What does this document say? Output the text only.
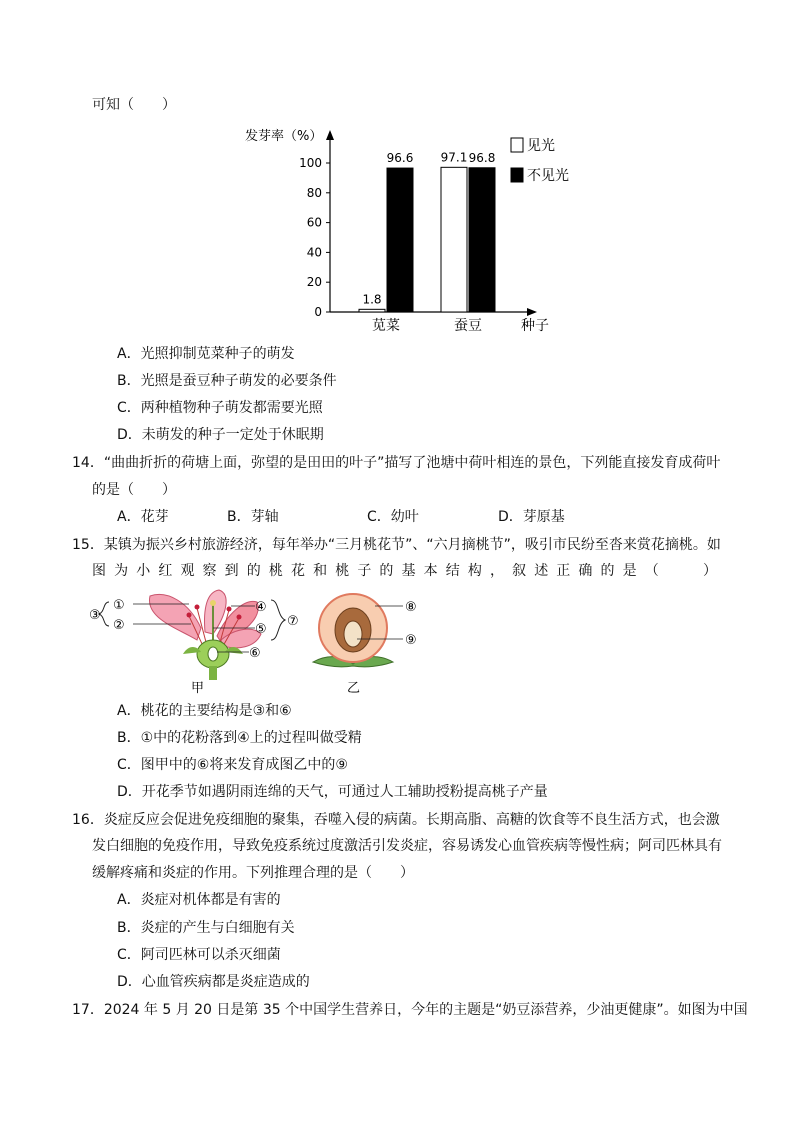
可知（　　）
发芽率（%）
0
20
40
60
80
100
1.8
96.6 97.1 96.8
苋菜	蚕豆	种子
见光
不见光
A．光照抑制苋菜种子的萌发
B．光照是蚕豆种子萌发的必要条件
C．两种植物种子萌发都需要光照
D．未萌发的种子一定处于休眠期
14．“曲曲折折的荷塘上面，弥望的是田田的叶子”描写了池塘中荷叶相连的景色，下列能直接发育成荷叶
的是（　　）
A．花芽	B．芽轴	C．幼叶	D．芽原基
15．某镇为振兴乡村旅游经济，每年举办“三月桃花节”、“六月摘桃节”，吸引市民纷至沓来赏花摘桃。如
图 为 小 红 观 察 到 的 桃 花 和 桃 子 的 基 本 结 构 ， 叙 述 正 确 的 是 （
　　	）
③
①
②
④
⑤
⑥
⑦
⑧
⑨
甲	乙
A．桃花的主要结构是③和⑥
B．①中的花粉落到④上的过程叫做受精
C．图甲中的⑥将来发育成图乙中的⑨
D．开花季节如遇阴雨连绵的天气，可通过人工辅助授粉提高桃子产量
16．炎症反应会促进免疫细胞的聚集，吞噬入侵的病菌。长期高脂、高糖的饮食等不良生活方式，也会激
发白细胞的免疫作用，导致免疫系统过度激活引发炎症，容易诱发心血管疾病等慢性病；阿司匹林具有
缓解疼痛和炎症的作用。下列推理合理的是（　　）
A．炎症对机体都是有害的
B．炎症的产生与白细胞有关
C．阿司匹林可以杀灭细菌
D．心血管疾病都是炎症造成的
17．2024 年 5 月 20 日是第 35 个中国学生营养日，今年的主题是“奶豆添营养，少油更健康”。如图为中国
